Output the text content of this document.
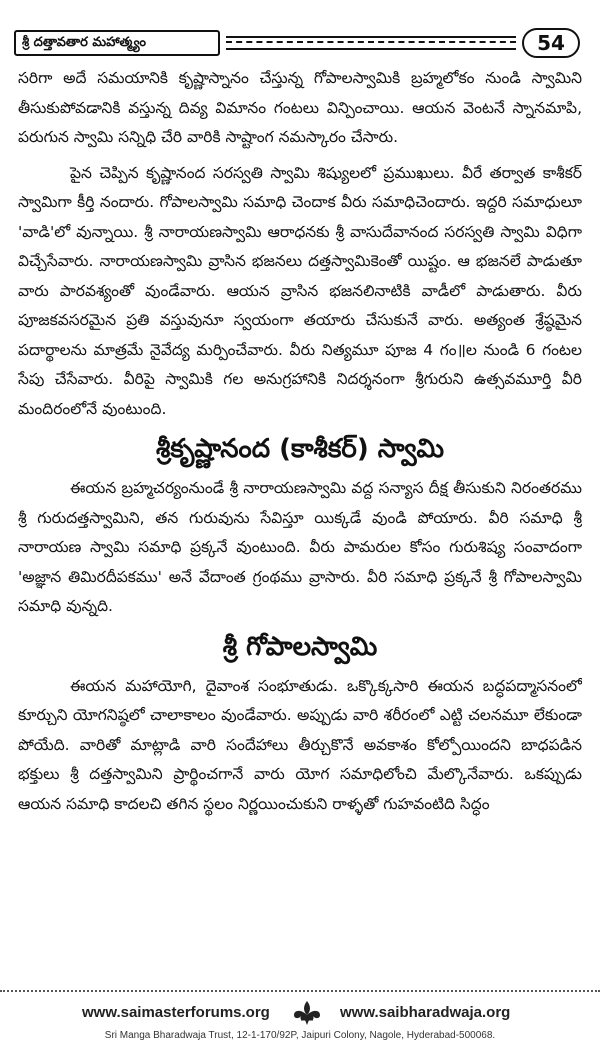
శ్రీ దత్తావతార మహాత్మ్యం	54

సరిగా అదే సమయానికి కృష్ణాస్నానం చేస్తున్న గోపాలస్వామికి బ్రహ్మలోకం నుండి స్వామిని తీసుకుపోవడానికి వస్తున్న దివ్య విమానం గంటలు విన్పించాయి. ఆయన వెంటనే స్నానమాపి, పరుగున స్వామి సన్నిధి చేరి వారికి సాష్టాంగ నమస్కారం చేసారు.

పైన చెప్పిన కృష్ణానంద సరస్వతి స్వామి శిష్యులలో ప్రముఖులు. వీరే తర్వాత కాశీకర్ స్వామిగా కీర్తి నందారు. గోపాలస్వామి సమాధి చెందాక వీరు సమాధిచెందారు. ఇద్దరి సమాధులూ 'వాడి'లో వున్నాయి. శ్రీ నారాయణస్వామి ఆరాధనకు శ్రీ వాసుదేవానంద సరస్వతి స్వామి విధిగా విచ్చేసేవారు. నారాయణస్వామి వ్రాసిన భజనలు దత్తస్వామికెంతో యిష్టం. ఆ భజనలే పాడుతూ వారు పారవశ్యంతో వుండేవారు. ఆయన వ్రాసిన భజనలినాటికి వాడీలో పాడుతారు. వీరు పూజకవసరమైన ప్రతి వస్తువునూ స్వయంగా తయారు చేసుకునే వారు. అత్యంత శ్రేష్ఠమైన పదార్థాలను మాత్రమే నైవేద్య మర్పించేవారు. వీరు నిత్యమూ పూజ 4 గం॥ల నుండి 6 గంటల సేపు చేసేవారు. వీరిపై స్వామికి గల అనుగ్రహానికి నిదర్శనంగా శ్రీగురుని ఉత్సవమూర్తి వీరి మందిరంలోనే వుంటుంది.

శ్రీకృష్ణానంద (కాశీకర్) స్వామి

ఈయన బ్రహ్మచర్యంనుండే శ్రీ నారాయణస్వామి వద్ద సన్యాస దీక్ష తీసుకుని నిరంతరము శ్రీ గురుదత్తస్వామిని, తన గురువును సేవిస్తూ యిక్కడే వుండి పోయారు. వీరి సమాధి శ్రీ నారాయణ స్వామి సమాధి ప్రక్కనే వుంటుంది. వీరు పామరుల కోసం గురుశిష్య సంవాదంగా 'అజ్ఞాన తిమిరదీపకము' అనే వేదాంత గ్రంథము వ్రాసారు. వీరి సమాధి ప్రక్కనే శ్రీ గోపాలస్వామి సమాధి వున్నది.

శ్రీ గోపాలస్వామి

ఈయన మహాయోగి, దైవాంశ సంభూతుడు. ఒక్కొక్కసారి ఈయన బద్ధపద్మాసనంలో కూర్చుని యోగనిష్ఠలో చాలాకాలం వుండేవారు. అప్పుడు వారి శరీరంలో ఎట్టి చలనమూ లేకుండా పోయేది. వారితో మాట్లాడి వారి సందేహాలు తీర్చుకొనే అవకాశం కోల్పోయిందని బాధపడిన భక్తులు శ్రీ దత్తస్వామిని ప్రార్థించగానే వారు యోగ సమాధిలోంచి మేల్కొనేవారు. ఒకప్పుడు ఆయన సమాధి కాదలచి తగిన స్థలం నిర్ణయించుకుని రాళ్ళతో గుహవంటిది సిద్ధం

www.saimasterforums.org	www.saibharadwaja.org
Sri Manga Bharadwaja Trust, 12-1-170/92P, Jaipuri Colony, Nagole, Hyderabad-500068.
